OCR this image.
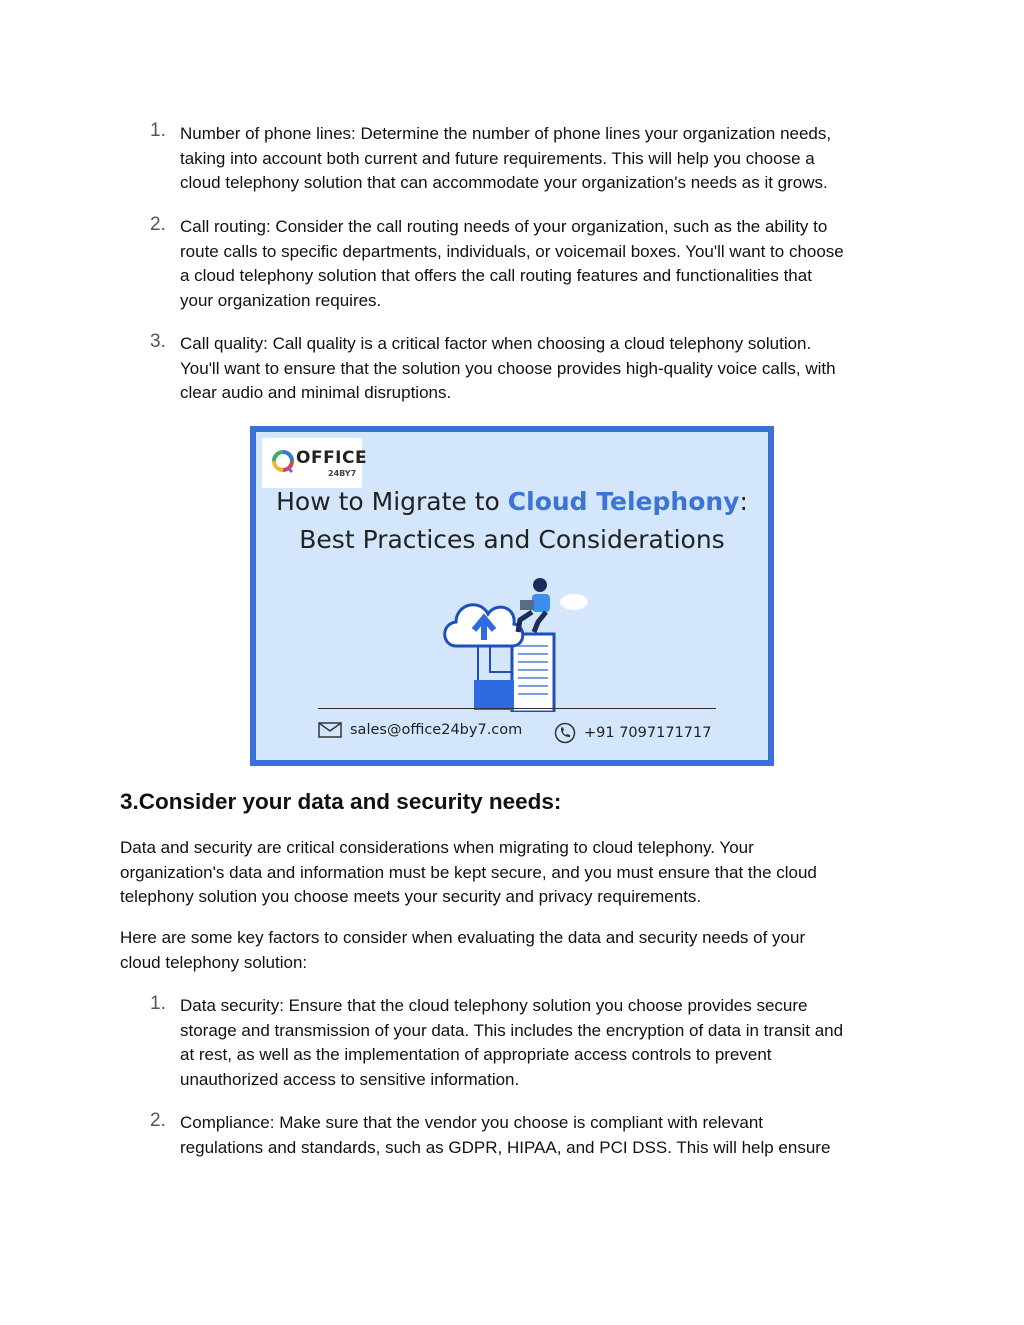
1. Number of phone lines: Determine the number of phone lines your organization needs,
taking into account both current and future requirements. This will help you choose a
cloud telephony solution that can accommodate your organization's needs as it grows.
2. Call routing: Consider the call routing needs of your organization, such as the ability to
route calls to specific departments, individuals, or voicemail boxes. You'll want to choose
a cloud telephony solution that offers the call routing features and functionalities that
your organization requires.
3. Call quality: Call quality is a critical factor when choosing a cloud telephony solution.
You'll want to ensure that the solution you choose provides high-quality voice calls, with
clear audio and minimal disruptions.
OFFICE
24BY7
How to Migrate to Cloud Telephony:
Best Practices and Considerations
sales@office24by7.com	+91 7097171717
3.Consider your data and security needs:
Data and security are critical considerations when migrating to cloud telephony. Your
organization's data and information must be kept secure, and you must ensure that the cloud
telephony solution you choose meets your security and privacy requirements.
Here are some key factors to consider when evaluating the data and security needs of your
cloud telephony solution:
1. Data security: Ensure that the cloud telephony solution you choose provides secure
storage and transmission of your data. This includes the encryption of data in transit and
at rest, as well as the implementation of appropriate access controls to prevent
unauthorized access to sensitive information.
2. Compliance: Make sure that the vendor you choose is compliant with relevant
regulations and standards, such as GDPR, HIPAA, and PCI DSS. This will help ensure
